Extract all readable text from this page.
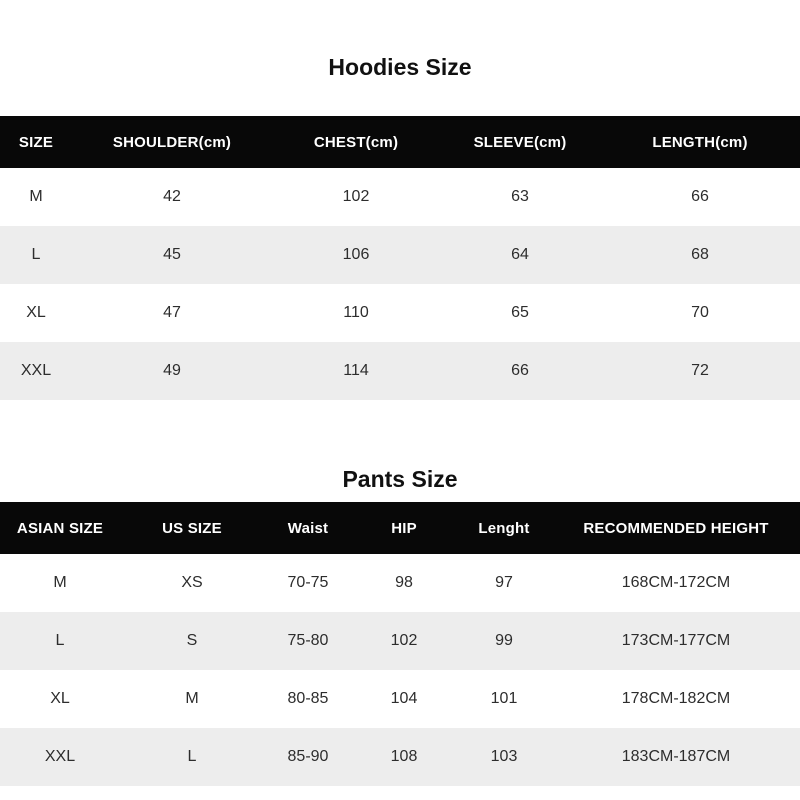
Hoodies Size
SIZE	SHOULDER(cm)	CHEST(cm)	SLEEVE(cm)	LENGTH(cm)
M	42	102	63	66
L	45	106	64	68
XL	47	110	65	70
XXL	49	114	66	72
Pants Size
ASIAN SIZE	US SIZE	Waist	HIP	Lenght	RECOMMENDED HEIGHT
M	XS	70-75	98	97	168CM-172CM
L	S	75-80	102	99	173CM-177CM
XL	M	80-85	104	101	178CM-182CM
XXL	L	85-90	108	103	183CM-187CM
